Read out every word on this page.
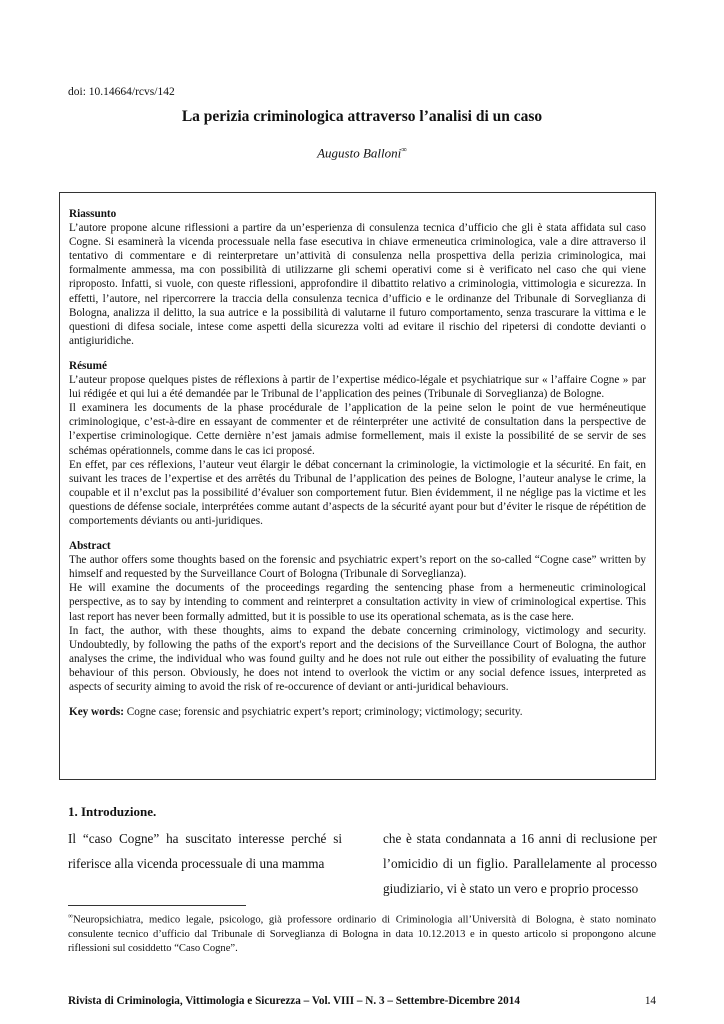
doi: 10.14664/rcvs/142
La perizia criminologica attraverso l’analisi di un caso
Augusto Balloni∞
Riassunto

L’autore propone alcune riflessioni a partire da un’esperienza di consulenza tecnica d’ufficio che gli è stata affidata sul caso Cogne. Si esaminerà la vicenda processuale nella fase esecutiva in chiave ermeneutica criminologica, vale a dire attraverso il tentativo di commentare e di reinterpretare un’attività di consulenza nella prospettiva della perizia criminologica, mai formalmente ammessa, ma con possibilità di utilizzarne gli schemi operativi come si è verificato nel caso che qui viene riproposto. Infatti, si vuole, con queste riflessioni, approfondire il dibattito relativo a criminologia, vittimologia e sicurezza. In effetti, l’autore, nel ripercorrere la traccia della consulenza tecnica d’ufficio e le ordinanze del Tribunale di Sorveglianza di Bologna, analizza il delitto, la sua autrice e la possibilità di valutarne il futuro comportamento, senza trascurare la vittima e le questioni di difesa sociale, intese come aspetti della sicurezza volti ad evitare il rischio del ripetersi di condotte devianti o antigiuridiche.

Résumé

L’auteur propose quelques pistes de réflexions à partir de l’expertise médico-légale et psychiatrique sur « l’affaire Cogne » par lui rédigée et qui lui a été demandée par le Tribunal de l’application des peines (Tribunale di Sorveglianza) de Bologne.

Il examinera les documents de la phase procédurale de l’application de la peine selon le point de vue herméneutique criminologique, c’est-à-dire en essayant de commenter et de réinterpréter une activité de consultation dans la perspective de l’expertise criminologique. Cette dernière n’est jamais admise formellement, mais il existe la possibilité de se servir de ses schémas opérationnels, comme dans le cas ici proposé.

En effet, par ces réflexions, l’auteur veut élargir le débat concernant la criminologie, la victimologie et la sécurité. En fait, en suivant les traces de l’expertise et des arrêtés du Tribunal de l’application des peines de Bologne, l’auteur analyse le crime, la coupable et il n’exclut pas la possibilité d’évaluer son comportement futur. Bien évidemment, il ne néglige pas la victime et les questions de défense sociale, interprétées comme autant d’aspects de la sécurité ayant pour but d’éviter le risque de répétition de comportements déviants ou anti-juridiques.

Abstract

The author offers some thoughts based on the forensic and psychiatric expert’s report on the so-called “Cogne case” written by himself and requested by the Surveillance Court of Bologna (Tribunale di Sorveglianza).

He will examine the documents of the proceedings regarding the sentencing phase from a hermeneutic criminological perspective, as to say by intending to comment and reinterpret a consultation activity in view of criminological expertise. This last report has never been formally admitted, but it is possible to use its operational schemata, as is the case here.

In fact, the author, with these thoughts, aims to expand the debate concerning criminology, victimology and security. Undoubtedly, by following the paths of the export's report and the decisions of the Surveillance Court of Bologna, the author analyses the crime, the individual who was found guilty and he does not rule out either the possibility of evaluating the future behaviour of this person. Obviously, he does not intend to overlook the victim or any social defence issues, interpreted as aspects of security aiming to avoid the risk of re-occurence of deviant or anti-juridical behaviours.

Key words: Cogne case; forensic and psychiatric expert’s report; criminology; victimology; security.

1. Introduzione.
Il “caso Cogne” ha suscitato interesse perché si riferisce alla vicenda processuale di una mamma
che è stata condannata a 16 anni di reclusione per l’omicidio di un figlio. Parallelamente al processo giudiziario, vi è stato un vero e proprio processo
∞Neuropsichiatra, medico legale, psicologo, già professore ordinario di Criminologia all’Università di Bologna, è stato nominato consulente tecnico d’ufficio dal Tribunale di Sorveglianza di Bologna in data 10.12.2013 e in questo articolo si propongono alcune riflessioni sul cosiddetto “Caso Cogne”.
Rivista di Criminologia, Vittimologia e Sicurezza – Vol. VIII – N. 3 – Settembre-Dicembre 2014	14
